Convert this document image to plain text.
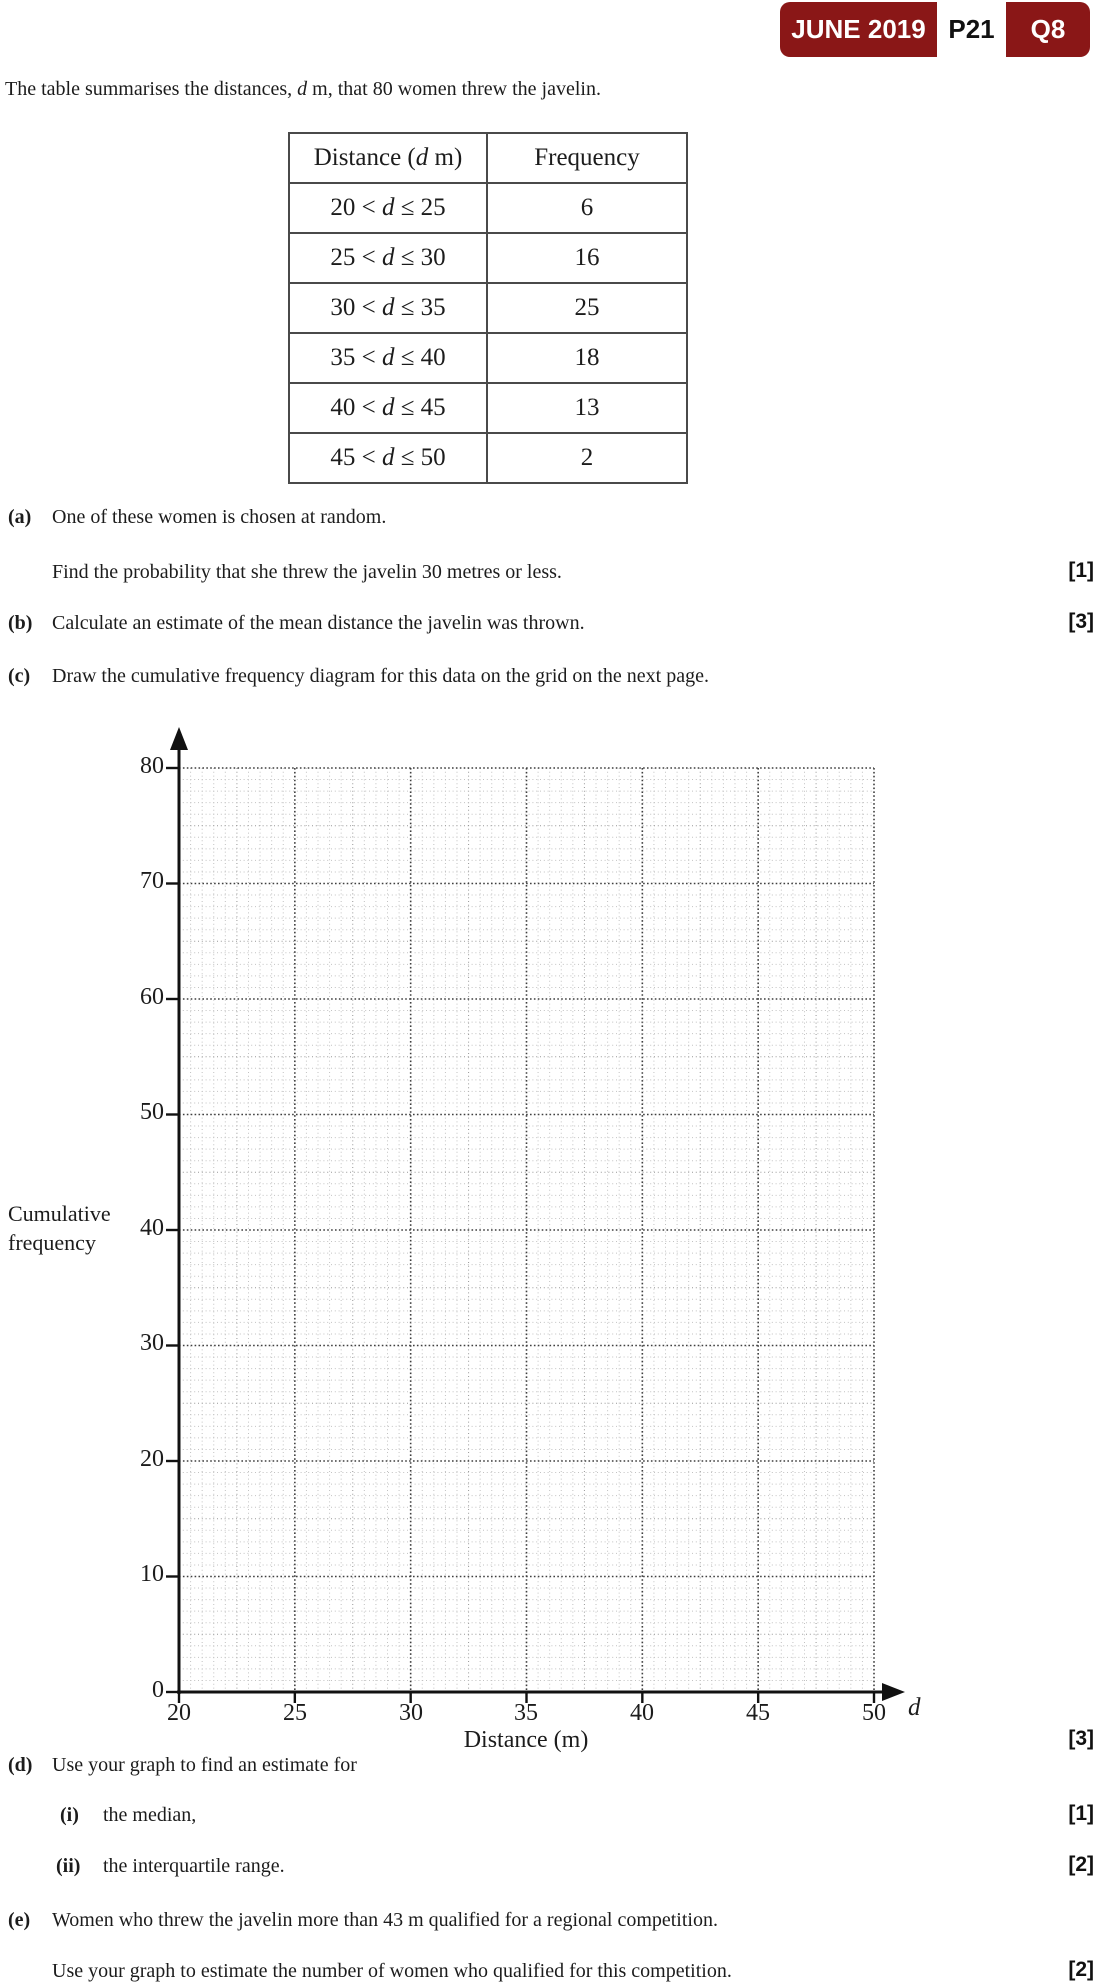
JUNE 2019 P21	Q8
The table summarises the distances, d m, that 80 women threw the javelin.
Distance (d m)	Frequency
20 < d ≤ 25	6
25 < d ≤ 30	16
30 < d ≤ 35	25
35 < d ≤ 40	18
40 < d ≤ 45	13
45 < d ≤ 50	2
(a) One of these women is chosen at random.
Find the probability that she threw the javelin 30 metres or less.	[1]
(b) Calculate an estimate of the mean distance the javelin was thrown.	[3]
(c) Draw the cumulative frequency diagram for this data on the grid on the next page.
80
70
60
50
40
30
20
10
0
20	25	30	35	40	45	50
Cumulative
frequency
Distance (m)
d
[3]
(d) Use your graph to find an estimate for
(i) the median,	[1]
(ii) the interquartile range.	[2]
(e) Women who threw the javelin more than 43 m qualified for a regional competition.
Use your graph to estimate the number of women who qualified for this competition.	[2]
